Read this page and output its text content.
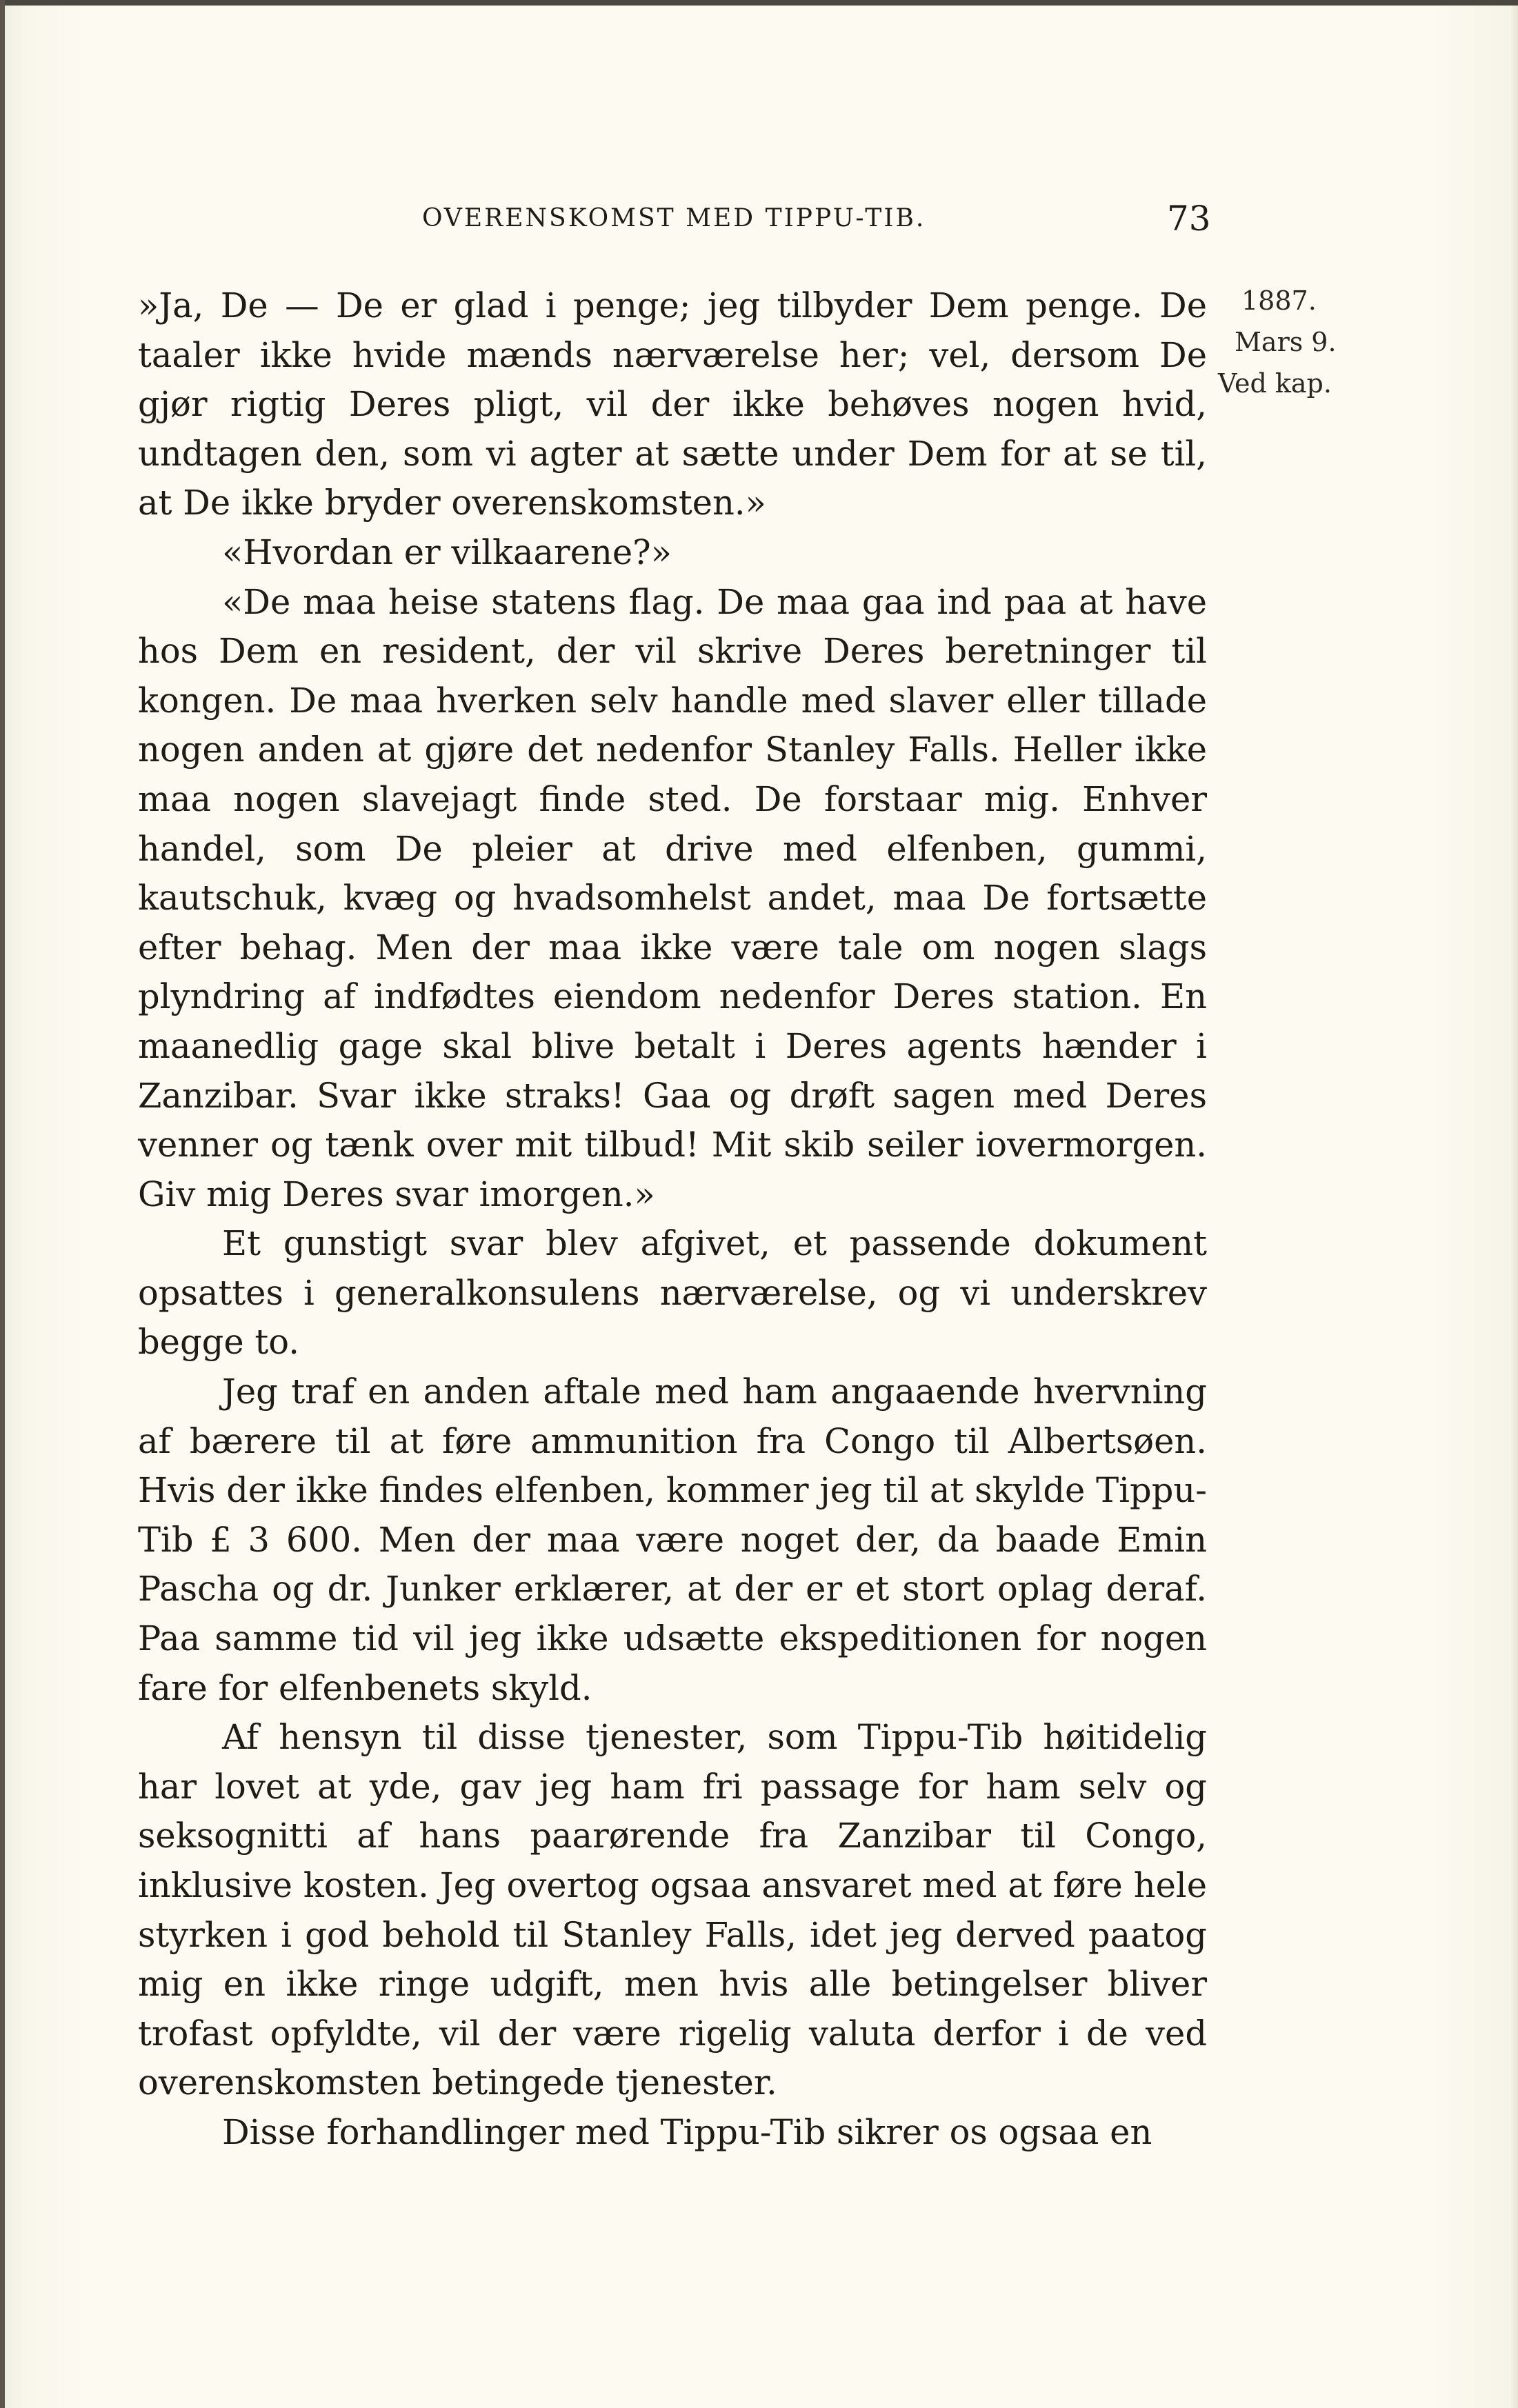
OVERENSKOMST MED TIPPU-TIB.	73
1887.
Mars 9.
Ved kap.

»Ja, De — De er glad i penge; jeg tilbyder Dem penge. De taaler ikke hvide mænds nærværelse her; vel, dersom De gjør rigtig Deres pligt, vil der ikke behøves nogen hvid, undtagen den, som vi agter at sætte under Dem for at se til, at De ikke bryder overenskomsten.»

«Hvordan er vilkaarene?»

«De maa heise statens flag. De maa gaa ind paa at have hos Dem en resident, der vil skrive Deres beretninger til kongen. De maa hverken selv handle med slaver eller tillade nogen anden at gjøre det nedenfor Stanley Falls. Heller ikke maa nogen slavejagt finde sted. De forstaar mig. Enhver handel, som De pleier at drive med elfenben, gummi, kautschuk, kvæg og hvadsomhelst andet, maa De fortsætte efter behag. Men der maa ikke være tale om nogen slags plyndring af indfødtes eiendom nedenfor Deres station. En maanedlig gage skal blive betalt i Deres agents hænder i Zanzibar. Svar ikke straks! Gaa og drøft sagen med Deres venner og tænk over mit tilbud! Mit skib seiler iovermorgen. Giv mig Deres svar imorgen.»

Et gunstigt svar blev afgivet, et passende dokument opsattes i generalkonsulens nærværelse, og vi underskrev begge to.

Jeg traf en anden aftale med ham angaaende hvervning af bærere til at føre ammunition fra Congo til Albertsøen. Hvis der ikke findes elfenben, kommer jeg til at skylde Tippu-Tib £ 3 600. Men der maa være noget der, da baade Emin Pascha og dr. Junker erklærer, at der er et stort oplag deraf. Paa samme tid vil jeg ikke udsætte ekspeditionen for nogen fare for elfenbenets skyld.

Af hensyn til disse tjenester, som Tippu-Tib høitidelig har lovet at yde, gav jeg ham fri passage for ham selv og seksognitti af hans paarørende fra Zanzibar til Congo, inklusive kosten. Jeg overtog ogsaa ansvaret med at føre hele styrken i god behold til Stanley Falls, idet jeg derved paatog mig en ikke ringe udgift, men hvis alle betingelser bliver trofast opfyldte, vil der være rigelig valuta derfor i de ved overenskomsten betingede tjenester.

Disse forhandlinger med Tippu-Tib sikrer os ogsaa en
